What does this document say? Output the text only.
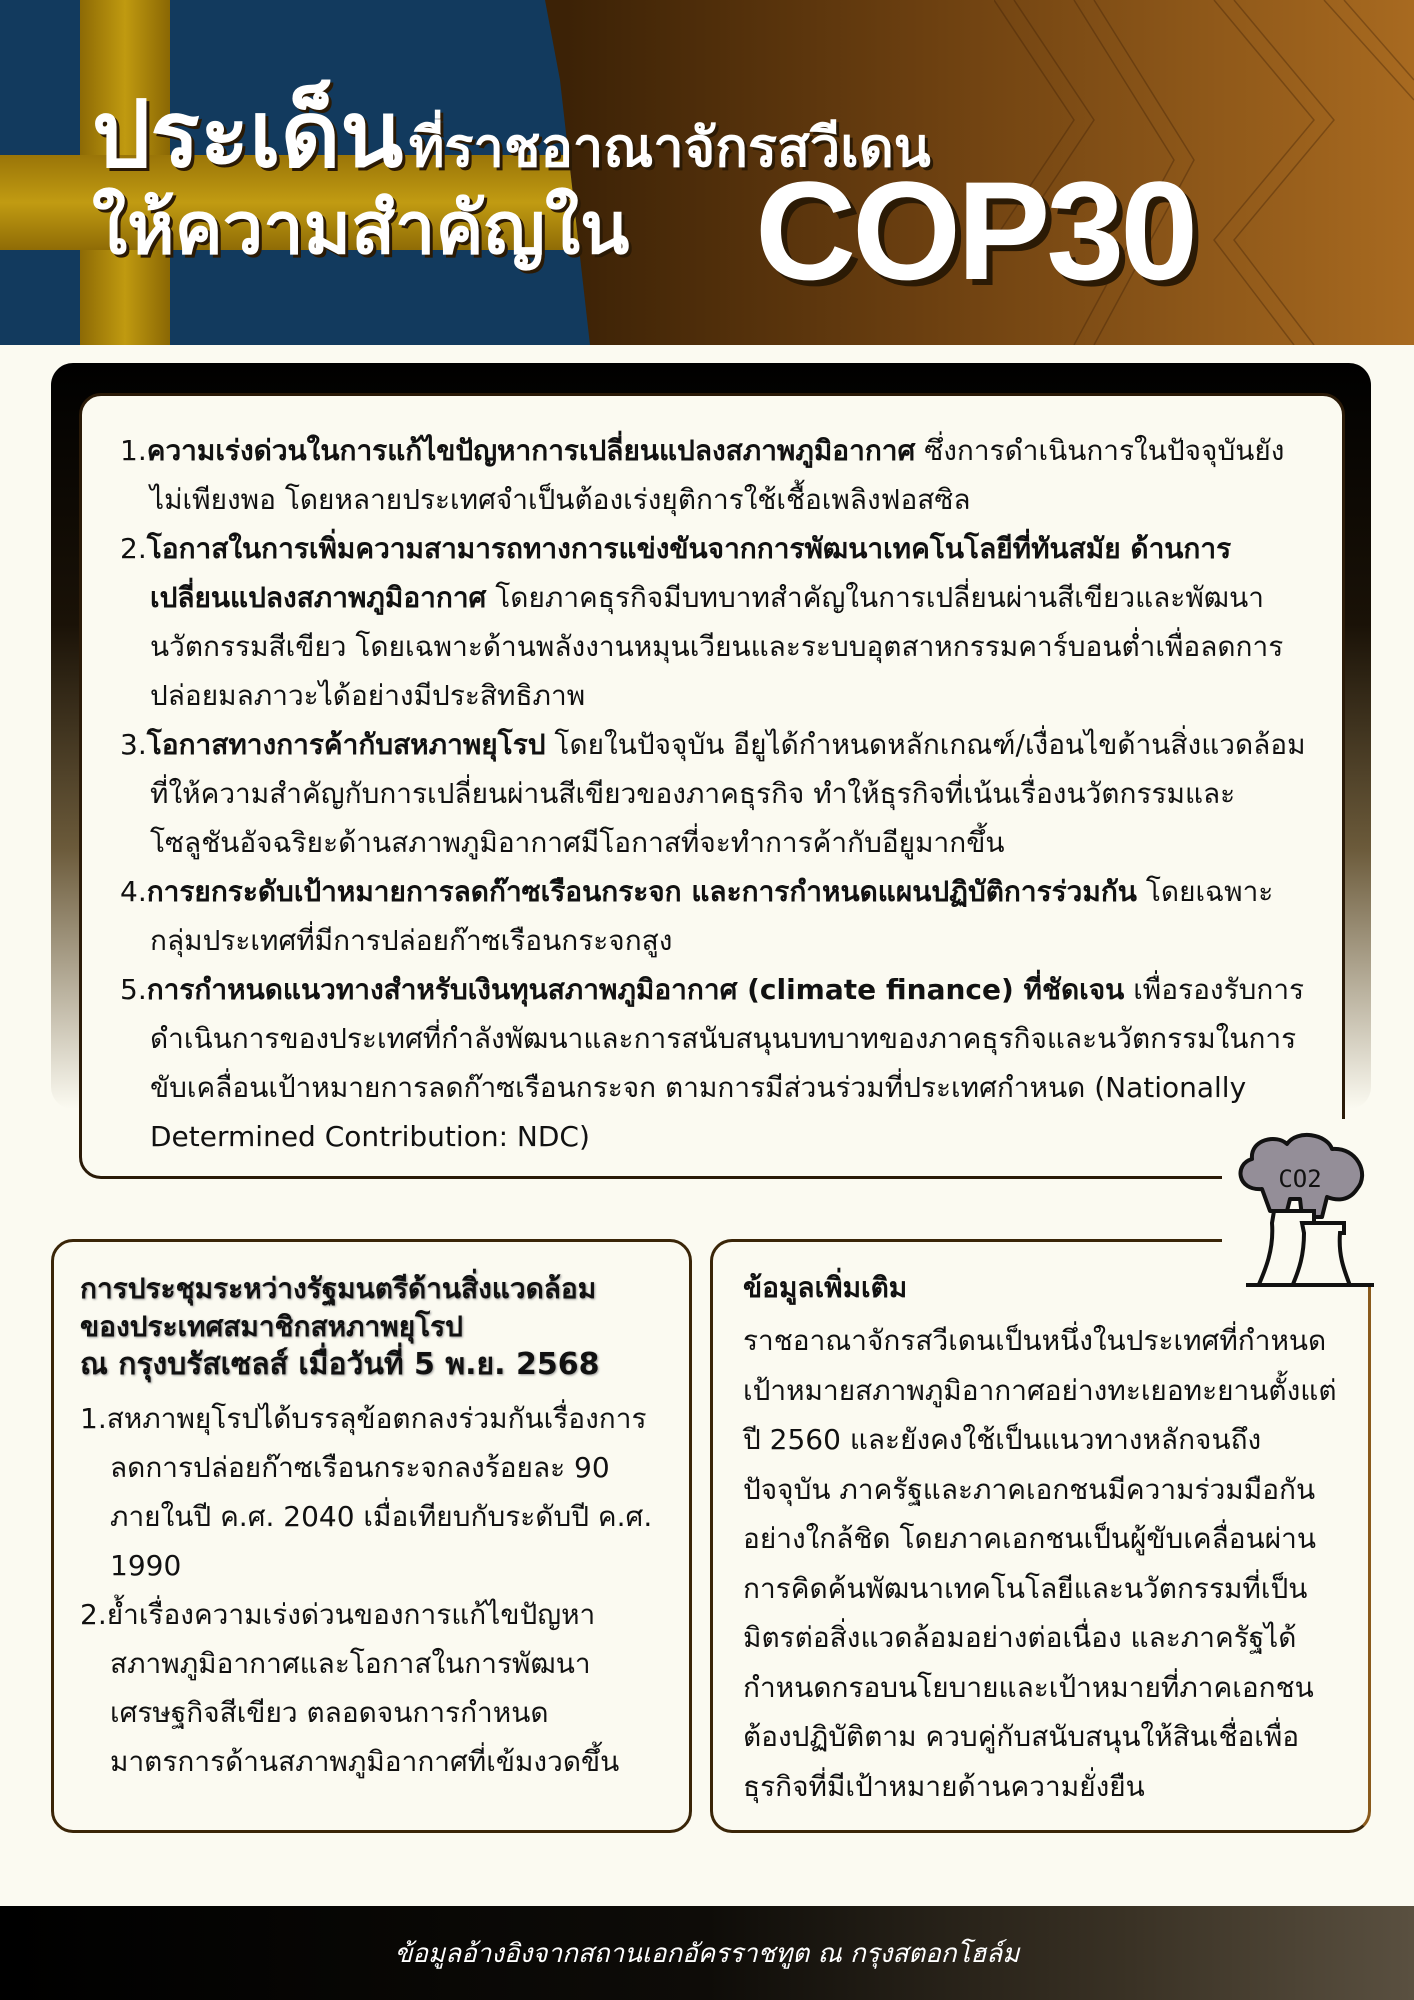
ประเด็น ที่ราชอาณาจักรสวีเดน
ให้ความสำคัญใน COP30
1.ความเร่งด่วนในการแก้ไขปัญหาการเปลี่ยนแปลงสภาพภูมิอากาศ ซึ่งการดำเนินการในปัจจุบันยังไม่เพียงพอ โดยหลายประเทศจำเป็นต้องเร่งยุติการใช้เชื้อเพลิงฟอสซิล
2.โอกาสในการเพิ่มความสามารถทางการแข่งขันจากการพัฒนาเทคโนโลยีที่ทันสมัย ด้านการเปลี่ยนแปลงสภาพภูมิอากาศ โดยภาคธุรกิจมีบทบาทสำคัญในการเปลี่ยนผ่านสีเขียวและพัฒนานวัตกรรมสีเขียว โดยเฉพาะด้านพลังงานหมุนเวียนและระบบอุตสาหกรรมคาร์บอนต่ำเพื่อลดการปล่อยมลภาวะได้อย่างมีประสิทธิภาพ
3.โอกาสทางการค้ากับสหภาพยุโรป โดยในปัจจุบัน อียูได้กำหนดหลักเกณฑ์/เงื่อนไขด้านสิ่งแวดล้อมที่ให้ความสำคัญกับการเปลี่ยนผ่านสีเขียวของภาคธุรกิจ ทำให้ธุรกิจที่เน้นเรื่องนวัตกรรมและโซลูชันอัจฉริยะด้านสภาพภูมิอากาศมีโอกาสที่จะทำการค้ากับอียูมากขึ้น
4.การยกระดับเป้าหมายการลดก๊าซเรือนกระจก และการกำหนดแผนปฏิบัติการร่วมกัน โดยเฉพาะกลุ่มประเทศที่มีการปล่อยก๊าซเรือนกระจกสูง
5.การกำหนดแนวทางสำหรับเงินทุนสภาพภูมิอากาศ (climate finance) ที่ชัดเจน เพื่อรองรับการดำเนินการของประเทศที่กำลังพัฒนาและการสนับสนุนบทบาทของภาคธุรกิจและนวัตกรรมในการขับเคลื่อนเป้าหมายการลดก๊าซเรือนกระจก ตามการมีส่วนร่วมที่ประเทศกำหนด (Nationally Determined Contribution: NDC)
การประชุมระหว่างรัฐมนตรีด้านสิ่งแวดล้อม
ของประเทศสมาชิกสหภาพยุโรป
ณ กรุงบรัสเซลส์ เมื่อวันที่ 5 พ.ย. 2568
1.สหภาพยุโรปได้บรรลุข้อตกลงร่วมกันเรื่องการลดการปล่อยก๊าซเรือนกระจกลงร้อยละ 90 ภายในปี ค.ศ. 2040 เมื่อเทียบกับระดับปี ค.ศ. 1990
2.ย้ำเรื่องความเร่งด่วนของการแก้ไขปัญหาสภาพภูมิอากาศและโอกาสในการพัฒนาเศรษฐกิจสีเขียว ตลอดจนการกำหนดมาตรการด้านสภาพภูมิอากาศที่เข้มงวดขึ้น
ข้อมูลเพิ่มเติม
ราชอาณาจักรสวีเดนเป็นหนึ่งในประเทศที่กำหนดเป้าหมายสภาพภูมิอากาศอย่างทะเยอทะยานตั้งแต่ปี 2560 และยังคงใช้เป็นแนวทางหลักจนถึงปัจจุบัน ภาครัฐและภาคเอกชนมีความร่วมมือกันอย่างใกล้ชิด โดยภาคเอกชนเป็นผู้ขับเคลื่อนผ่านการคิดค้นพัฒนาเทคโนโลยีและนวัตกรรมที่เป็นมิตรต่อสิ่งแวดล้อมอย่างต่อเนื่อง และภาครัฐได้กำหนดกรอบนโยบายและเป้าหมายที่ภาคเอกชนต้องปฏิบัติตาม ควบคู่กับสนับสนุนให้สินเชื่อเพื่อธุรกิจที่มีเป้าหมายด้านความยั่งยืน
CO2
ข้อมูลอ้างอิงจากสถานเอกอัครราชทูต ณ กรุงสตอกโฮล์ม
